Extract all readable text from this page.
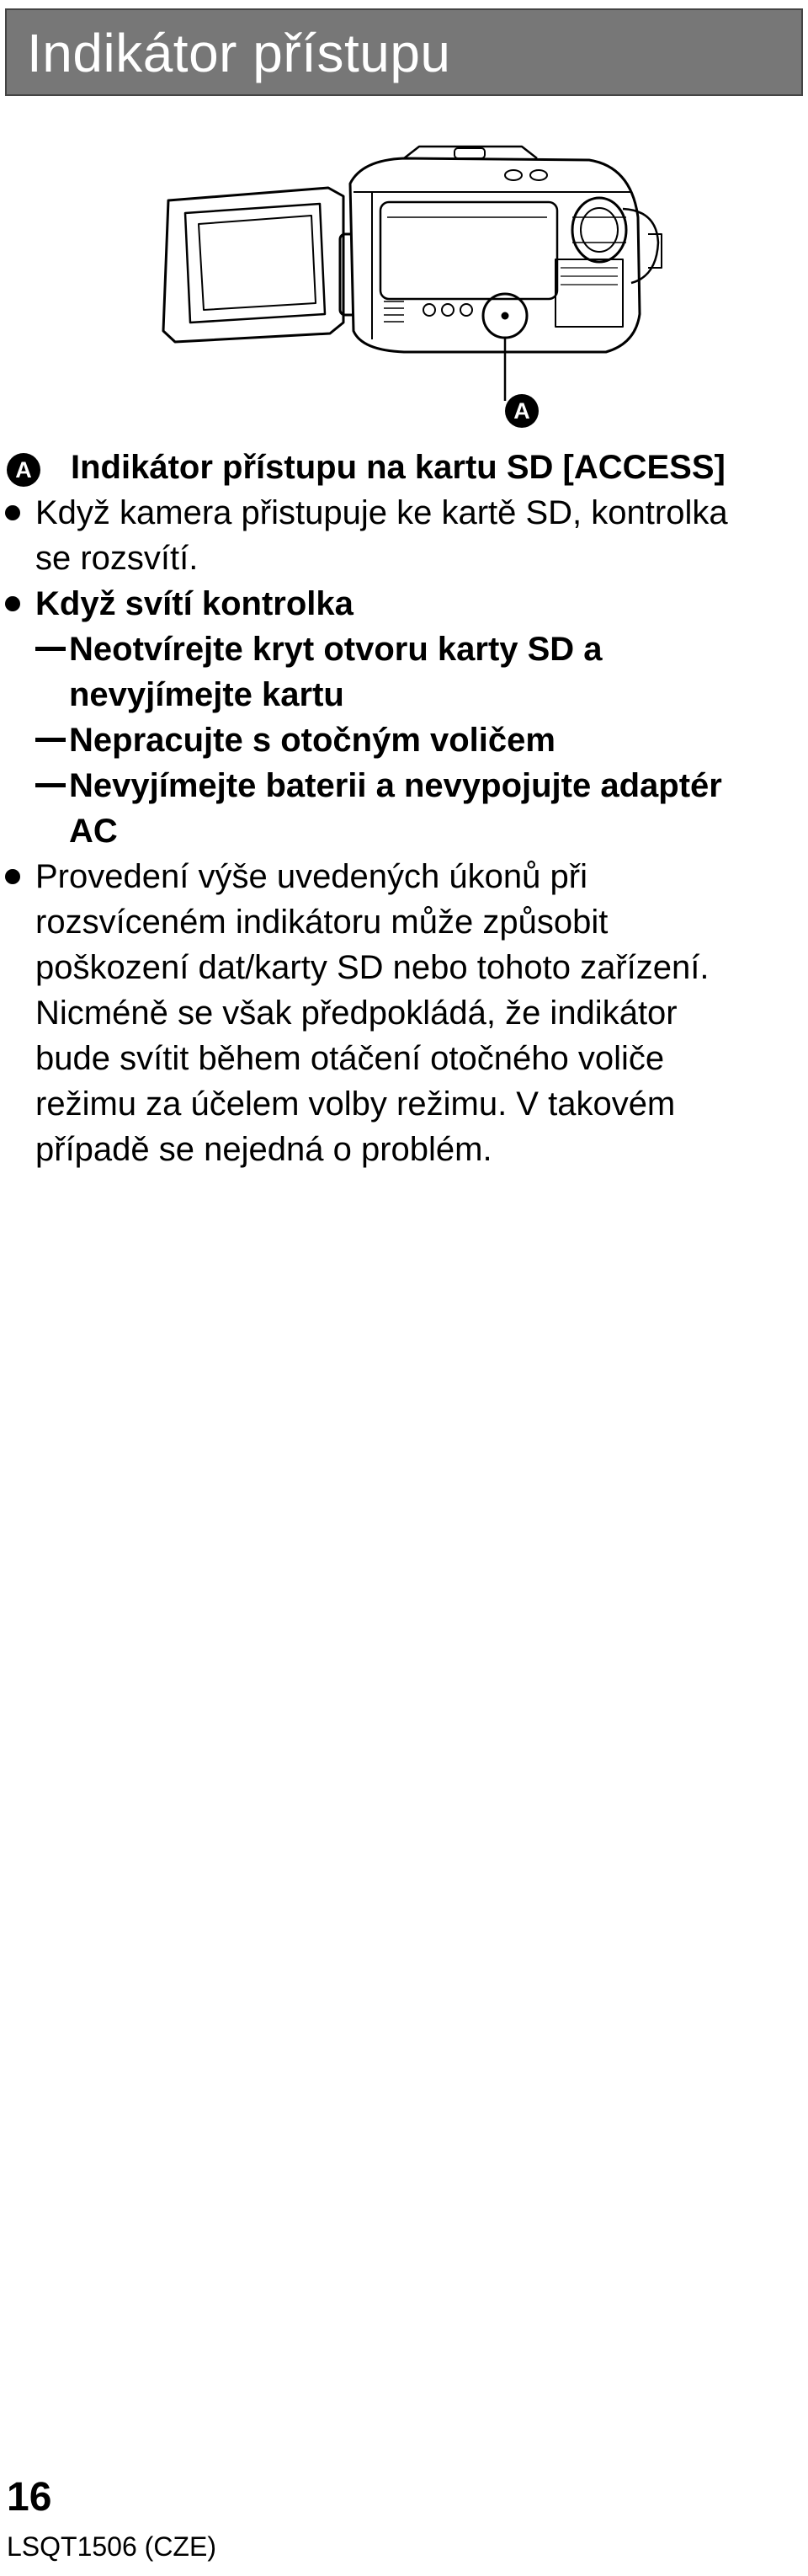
Indikátor přístupu
A
A Indikátor přístupu na kartu SD [ACCESS]
Když kamera přistupuje ke kartě SD, kontrolka
se rozsvítí.
Když svítí kontrolka
Neotvírejte kryt otvoru karty SD a
nevyjímejte kartu
Nepracujte s otočným voličem
Nevyjímejte baterii a nevypojujte adaptér
AC
Provedení výše uvedených úkonů při
rozsvíceném indikátoru může způsobit
poškození dat/karty SD nebo tohoto zařízení.
Nicméně se však předpokládá, že indikátor
bude svítit během otáčení otočného voliče
režimu za účelem volby režimu. V takovém
případě se nejedná o problém.
16
LSQT1506 (CZE)
